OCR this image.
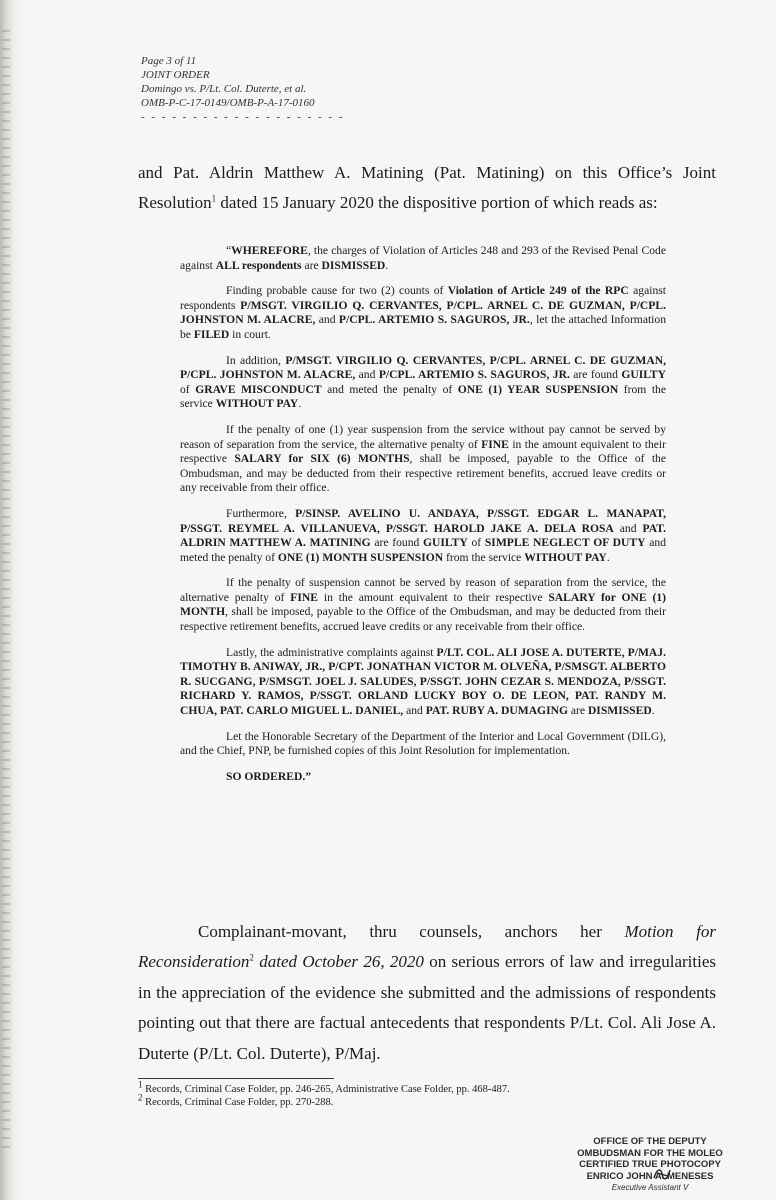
Page 3 of 11
JOINT ORDER
Domingo vs. P/Lt. Col. Duterte, et al.
OMB-P-C-17-0149/OMB-P-A-17-0160
- - - - - - - - - - - - - - - - - - - -
and Pat. Aldrin Matthew A. Matining (Pat. Matining) on this Office’s Joint Resolution$^1$ dated 15 January 2020 the dispositive portion of which reads as:

“WHEREFORE, the charges of Violation of Articles 248 and 293 of the Revised Penal Code against ALL respondents are DISMISSED.

Finding probable cause for two (2) counts of Violation of Article 249 of the RPC against respondents P/MSGT. VIRGILIO Q. CERVANTES, P/CPL. ARNEL C. DE GUZMAN, P/CPL. JOHNSTON M. ALACRE, and P/CPL. ARTEMIO S. SAGUROS, JR., let the attached Information be FILED in court.

In addition, P/MSGT. VIRGILIO Q. CERVANTES, P/CPL. ARNEL C. DE GUZMAN, P/CPL. JOHNSTON M. ALACRE, and P/CPL. ARTEMIO S. SAGUROS, JR. are found GUILTY of GRAVE MISCONDUCT and meted the penalty of ONE (1) YEAR SUSPENSION from the service WITHOUT PAY.

If the penalty of one (1) year suspension from the service without pay cannot be served by reason of separation from the service, the alternative penalty of FINE in the amount equivalent to their respective SALARY for SIX (6) MONTHS, shall be imposed, payable to the Office of the Ombudsman, and may be deducted from their respective retirement benefits, accrued leave credits or any receivable from their office.

Furthermore, P/SINSP. AVELINO U. ANDAYA, P/SSGT. EDGAR L. MANAPAT, P/SSGT. REYMEL A. VILLANUEVA, P/SSGT. HAROLD JAKE A. DELA ROSA and PAT. ALDRIN MATTHEW A. MATINING are found GUILTY of SIMPLE NEGLECT OF DUTY and meted the penalty of ONE (1) MONTH SUSPENSION from the service WITHOUT PAY.

If the penalty of suspension cannot be served by reason of separation from the service, the alternative penalty of FINE in the amount equivalent to their respective SALARY for ONE (1) MONTH, shall be imposed, payable to the Office of the Ombudsman, and may be deducted from their respective retirement benefits, accrued leave credits or any receivable from their office.

Lastly, the administrative complaints against P/LT. COL. ALI JOSE A. DUTERTE, P/MAJ. TIMOTHY B. ANIWAY, JR., P/CPT. JONATHAN VICTOR M. OLVEÑA, P/SMSGT. ALBERTO R. SUCGANG, P/SMSGT. JOEL J. SALUDES, P/SSGT. JOHN CEZAR S. MENDOZA, P/SSGT. RICHARD Y. RAMOS, P/SSGT. ORLAND LUCKY BOY O. DE LEON, PAT. RANDY M. CHUA, PAT. CARLO MIGUEL L. DANIEL, and PAT. RUBY A. DUMAGING are DISMISSED.

Let the Honorable Secretary of the Department of the Interior and Local Government (DILG), and the Chief, PNP, be furnished copies of this Joint Resolution for implementation.

SO ORDERED.”

Complainant-movant, thru counsels, anchors her Motion for Reconsideration$^2$ dated October 26, 2020 on serious errors of law and irregularities in the appreciation of the evidence she submitted and the admissions of respondents pointing out that there are factual antecedents that respondents P/Lt. Col. Ali Jose A. Duterte (P/Lt. Col. Duterte), P/Maj.
$^1$ Records, Criminal Case Folder, pp. 246-265, Administrative Case Folder, pp. 468-487.
$^2$ Records, Criminal Case Folder, pp. 270-288.
OFFICE OF THE DEPUTY
OMBUDSMAN FOR THE MOLEO
CERTIFIED TRUE PHOTOCOPY
ENRICO JOHN A. MENESES
Executive Assistant V
